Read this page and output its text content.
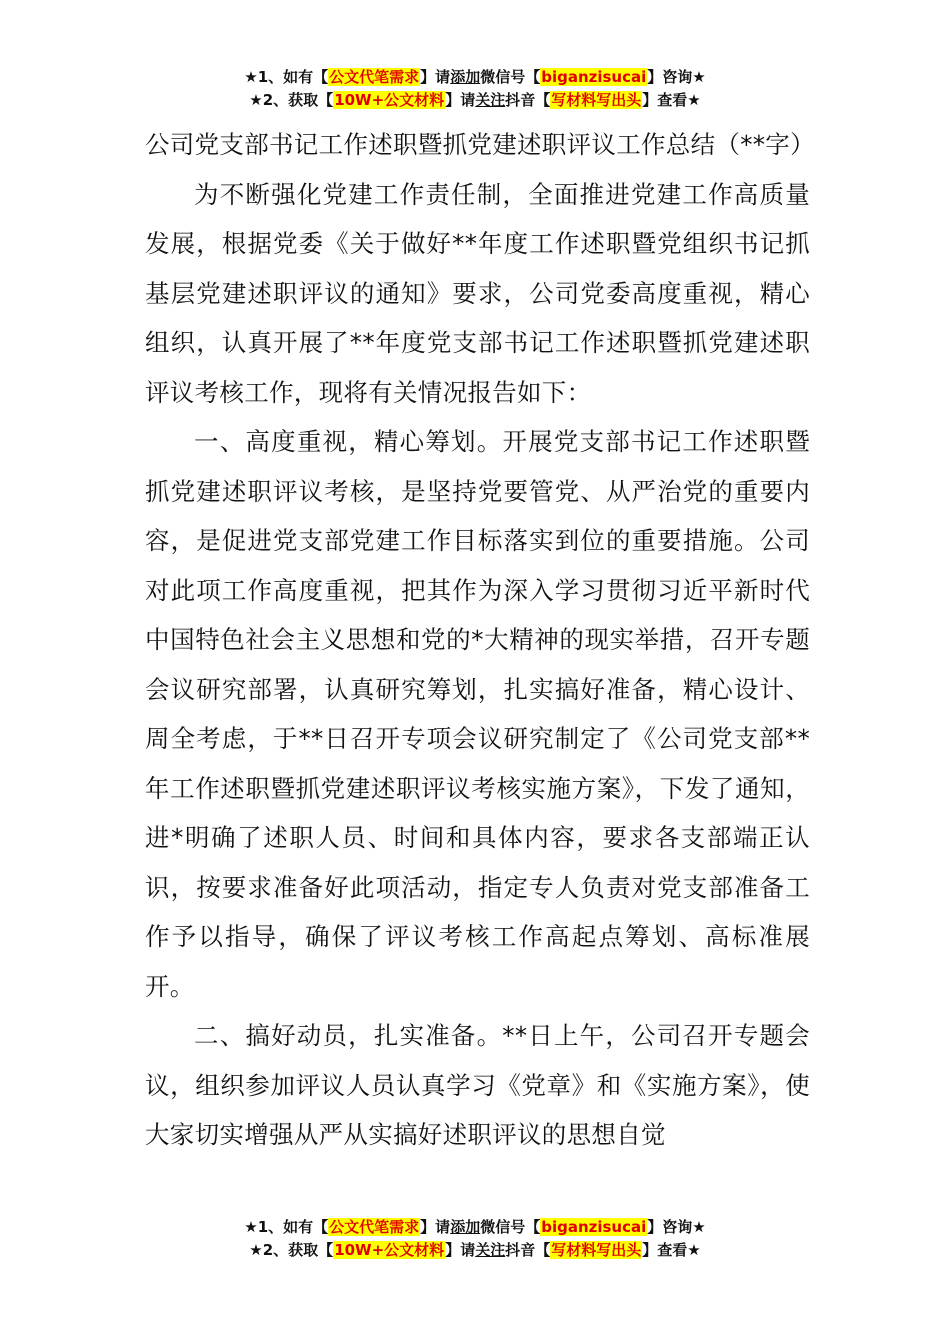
★1、如有【公文代笔需求】请添加微信号【biganzisucai】咨询★
★2、获取【10W+公文材料】请关注抖音【写材料写出头】查看★

公司党支部书记工作述职暨抓党建述职评议工作总结（**字）

为不断强化党建工作责任制，全面推进党建工作高质量发展，根据党委《关于做好**年度工作述职暨党组织书记抓基层党建述职评议的通知》要求，公司党委高度重视，精心组织，认真开展了**年度党支部书记工作述职暨抓党建述职评议考核工作，现将有关情况报告如下：

一、高度重视，精心筹划。开展党支部书记工作述职暨抓党建述职评议考核，是坚持党要管党、从严治党的重要内容，是促进党支部党建工作目标落实到位的重要措施。公司对此项工作高度重视，把其作为深入学习贯彻习近平新时代中国特色社会主义思想和党的*大精神的现实举措，召开专题会议研究部署，认真研究筹划，扎实搞好准备，精心设计、周全考虑，于**日召开专项会议研究制定了《公司党支部**年工作述职暨抓党建述职评议考核实施方案》，下发了通知，进*明确了述职人员、时间和具体内容，要求各支部端正认识，按要求准备好此项活动，指定专人负责对党支部准备工作予以指导，确保了评议考核工作高起点筹划、高标准展开。

二、搞好动员，扎实准备。**日上午，公司召开专题会议，组织参加评议人员认真学习《党章》和《实施方案》，使大家切实增强从严从实搞好述职评议的思想自觉

★1、如有【公文代笔需求】请添加微信号【biganzisucai】咨询★
★2、获取【10W+公文材料】请关注抖音【写材料写出头】查看★
